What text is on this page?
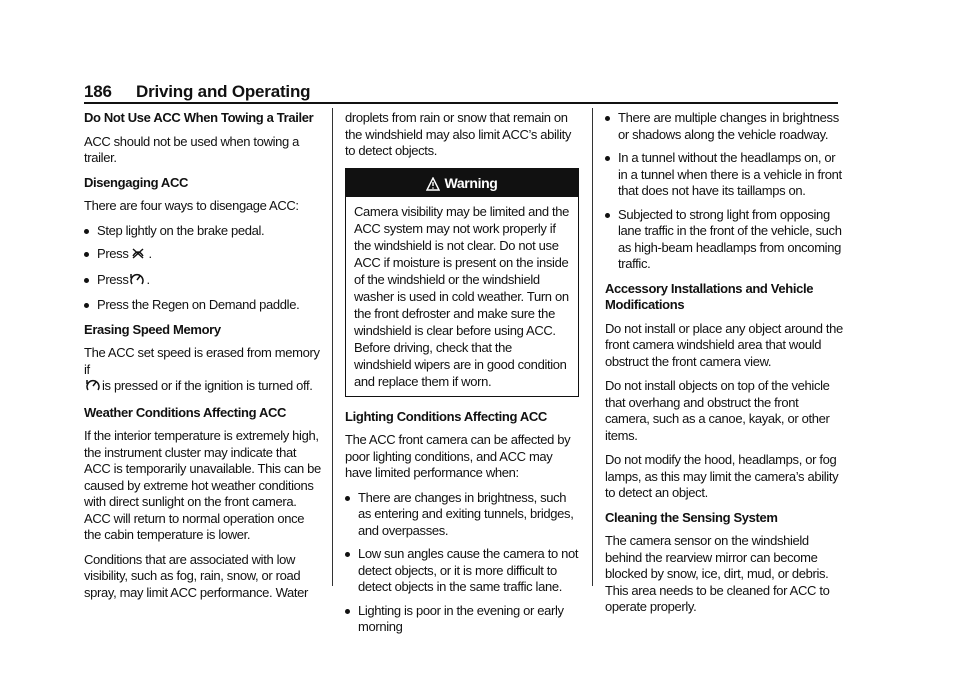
186 Driving and Operating

Do Not Use ACC When Towing a Trailer

ACC should not be used when towing a trailer.

Disengaging ACC

There are four ways to disengage ACC:

Step lightly on the brake pedal.
Press .
Press .
Press the Regen on Demand paddle.

Erasing Speed Memory

The ACC set speed is erased from memory if
is pressed or if the ignition is turned off.

Weather Conditions Affecting ACC

If the interior temperature is extremely high, the instrument cluster may indicate that ACC is temporarily unavailable. This can be caused by extreme hot weather conditions with direct sunlight on the front camera. ACC will return to normal operation once the cabin temperature is lower.

Conditions that are associated with low visibility, such as fog, rain, snow, or road spray, may limit ACC performance. Water

droplets from rain or snow that remain on the windshield may also limit ACC’s ability to detect objects.

Warning
Camera visibility may be limited and the ACC system may not work properly if the windshield is not clear. Do not use ACC if moisture is present on the inside of the windshield or the windshield washer is used in cold weather. Turn on the front defroster and make sure the windshield is clear before using ACC. Before driving, check that the windshield wipers are in good condition and replace them if worn.

Lighting Conditions Affecting ACC

The ACC front camera can be affected by poor lighting conditions, and ACC may have limited performance when:

There are changes in brightness, such as entering and exiting tunnels, bridges, and overpasses.
Low sun angles cause the camera to not detect objects, or it is more difficult to detect objects in the same traffic lane.
Lighting is poor in the evening or early morning
There are multiple changes in brightness or shadows along the vehicle roadway.
In a tunnel without the headlamps on, or in a tunnel when there is a vehicle in front that does not have its taillamps on.
Subjected to strong light from opposing lane traffic in the front of the vehicle, such as high-beam headlamps from oncoming traffic.

Accessory Installations and Vehicle Modifications

Do not install or place any object around the front camera windshield area that would obstruct the front camera view.

Do not install objects on top of the vehicle that overhang and obstruct the front camera, such as a canoe, kayak, or other items.

Do not modify the hood, headlamps, or fog lamps, as this may limit the camera’s ability to detect an object.

Cleaning the Sensing System

The camera sensor on the windshield behind the rearview mirror can become blocked by snow, ice, dirt, mud, or debris. This area needs to be cleaned for ACC to operate properly.
